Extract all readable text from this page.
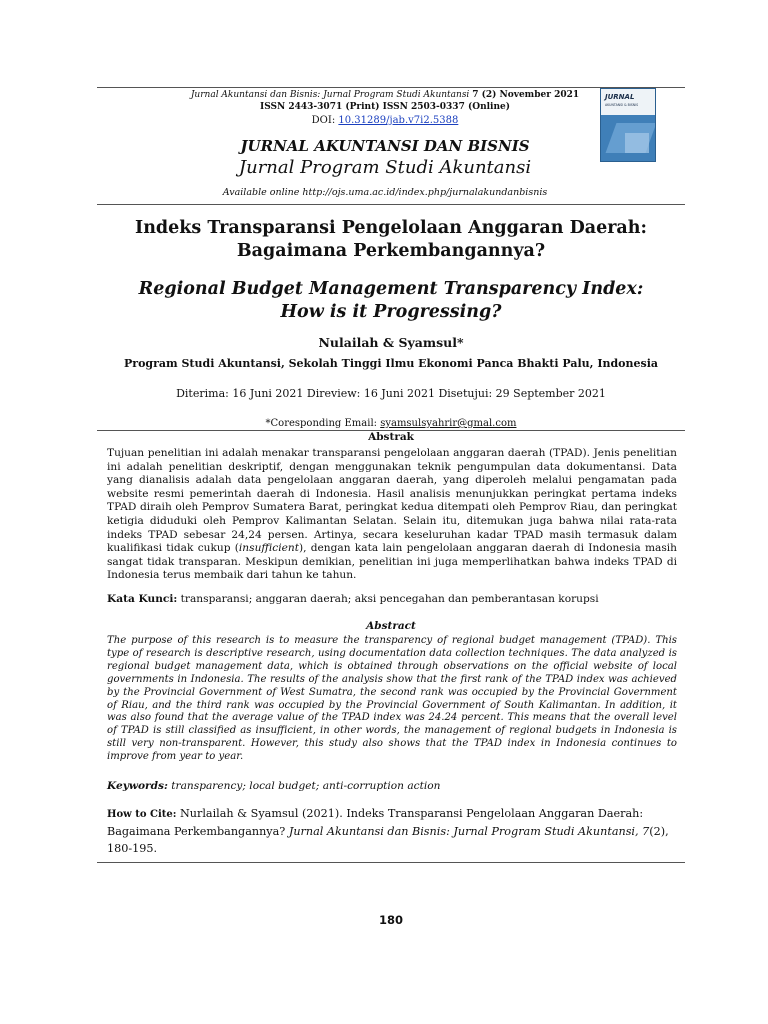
Jurnal Akuntansi dan Bisnis: Jurnal Program Studi Akuntansi 7 (2) November 2021
ISSN 2443-3071 (Print) ISSN 2503-0337 (Online)
DOI: 10.31289/jab.v7i2.5388
JURNAL AKUNTANSI DAN BISNIS
Jurnal Program Studi Akuntansi
Available online http://ojs.uma.ac.id/index.php/jurnalakundanbisnis
JURNAL
AKUNTANSI & BISNIS
Indeks Transparansi Pengelolaan Anggaran Daerah:
Bagaimana Perkembangannya?
Regional Budget Management Transparency Index:
How is it Progressing?
Nulailah & Syamsul*
Program Studi Akuntansi, Sekolah Tinggi Ilmu Ekonomi Panca Bhakti Palu, Indonesia
Diterima: 16 Juni 2021 Direview: 16 Juni 2021 Disetujui: 29 September 2021
*Coresponding Email: syamsulsyahrir@gmal.com
Abstrak
Tujuan penelitian ini adalah menakar transparansi pengelolaan anggaran daerah (TPAD). Jenis penelitian ini adalah penelitian deskriptif, dengan menggunakan teknik pengumpulan data dokumentansi. Data yang dianalisis adalah data pengelolaan anggaran daerah, yang diperoleh melalui pengamatan pada website resmi pemerintah daerah di Indonesia. Hasil analisis menunjukkan peringkat pertama indeks TPAD diraih oleh Pemprov Sumatera Barat, peringkat kedua ditempati oleh Pemprov Riau, dan peringkat ketigia diduduki oleh Pemprov Kalimantan Selatan. Selain itu, ditemukan juga bahwa nilai rata-rata indeks TPAD sebesar 24,24 persen. Artinya, secara keseluruhan kadar TPAD masih termasuk dalam kualifikasi tidak cukup (insufficient), dengan kata lain pengelolaan anggaran daerah di Indonesia masih sangat tidak transparan. Meskipun demikian, penelitian ini juga memperlihatkan bahwa indeks TPAD di Indonesia terus membaik dari tahun ke tahun.
Kata Kunci: transparansi; anggaran daerah; aksi pencegahan dan pemberantasan korupsi
Abstract
The purpose of this research is to measure the transparency of regional budget management (TPAD). This type of research is descriptive research, using documentation data collection techniques. The data analyzed is regional budget management data, which is obtained through observations on the official website of local governments in Indonesia. The results of the analysis show that the first rank of the TPAD index was achieved by the Provincial Government of West Sumatra, the second rank was occupied by the Provincial Government of Riau, and the third rank was occupied by the Provincial Government of South Kalimantan. In addition, it was also found that the average value of the TPAD index was 24.24 percent. This means that the overall level of TPAD is still classified as insufficient, in other words, the management of regional budgets in Indonesia is still very non-transparent. However, this study also shows that the TPAD index in Indonesia continues to improve from year to year.
Keywords: transparency; local budget; anti-corruption action
How to Cite: Nurlailah & Syamsul (2021). Indeks Transparansi Pengelolaan Anggaran Daerah: Bagaimana Perkembangannya? Jurnal Akuntansi dan Bisnis: Jurnal Program Studi Akuntansi, 7(2), 180-195.
180
